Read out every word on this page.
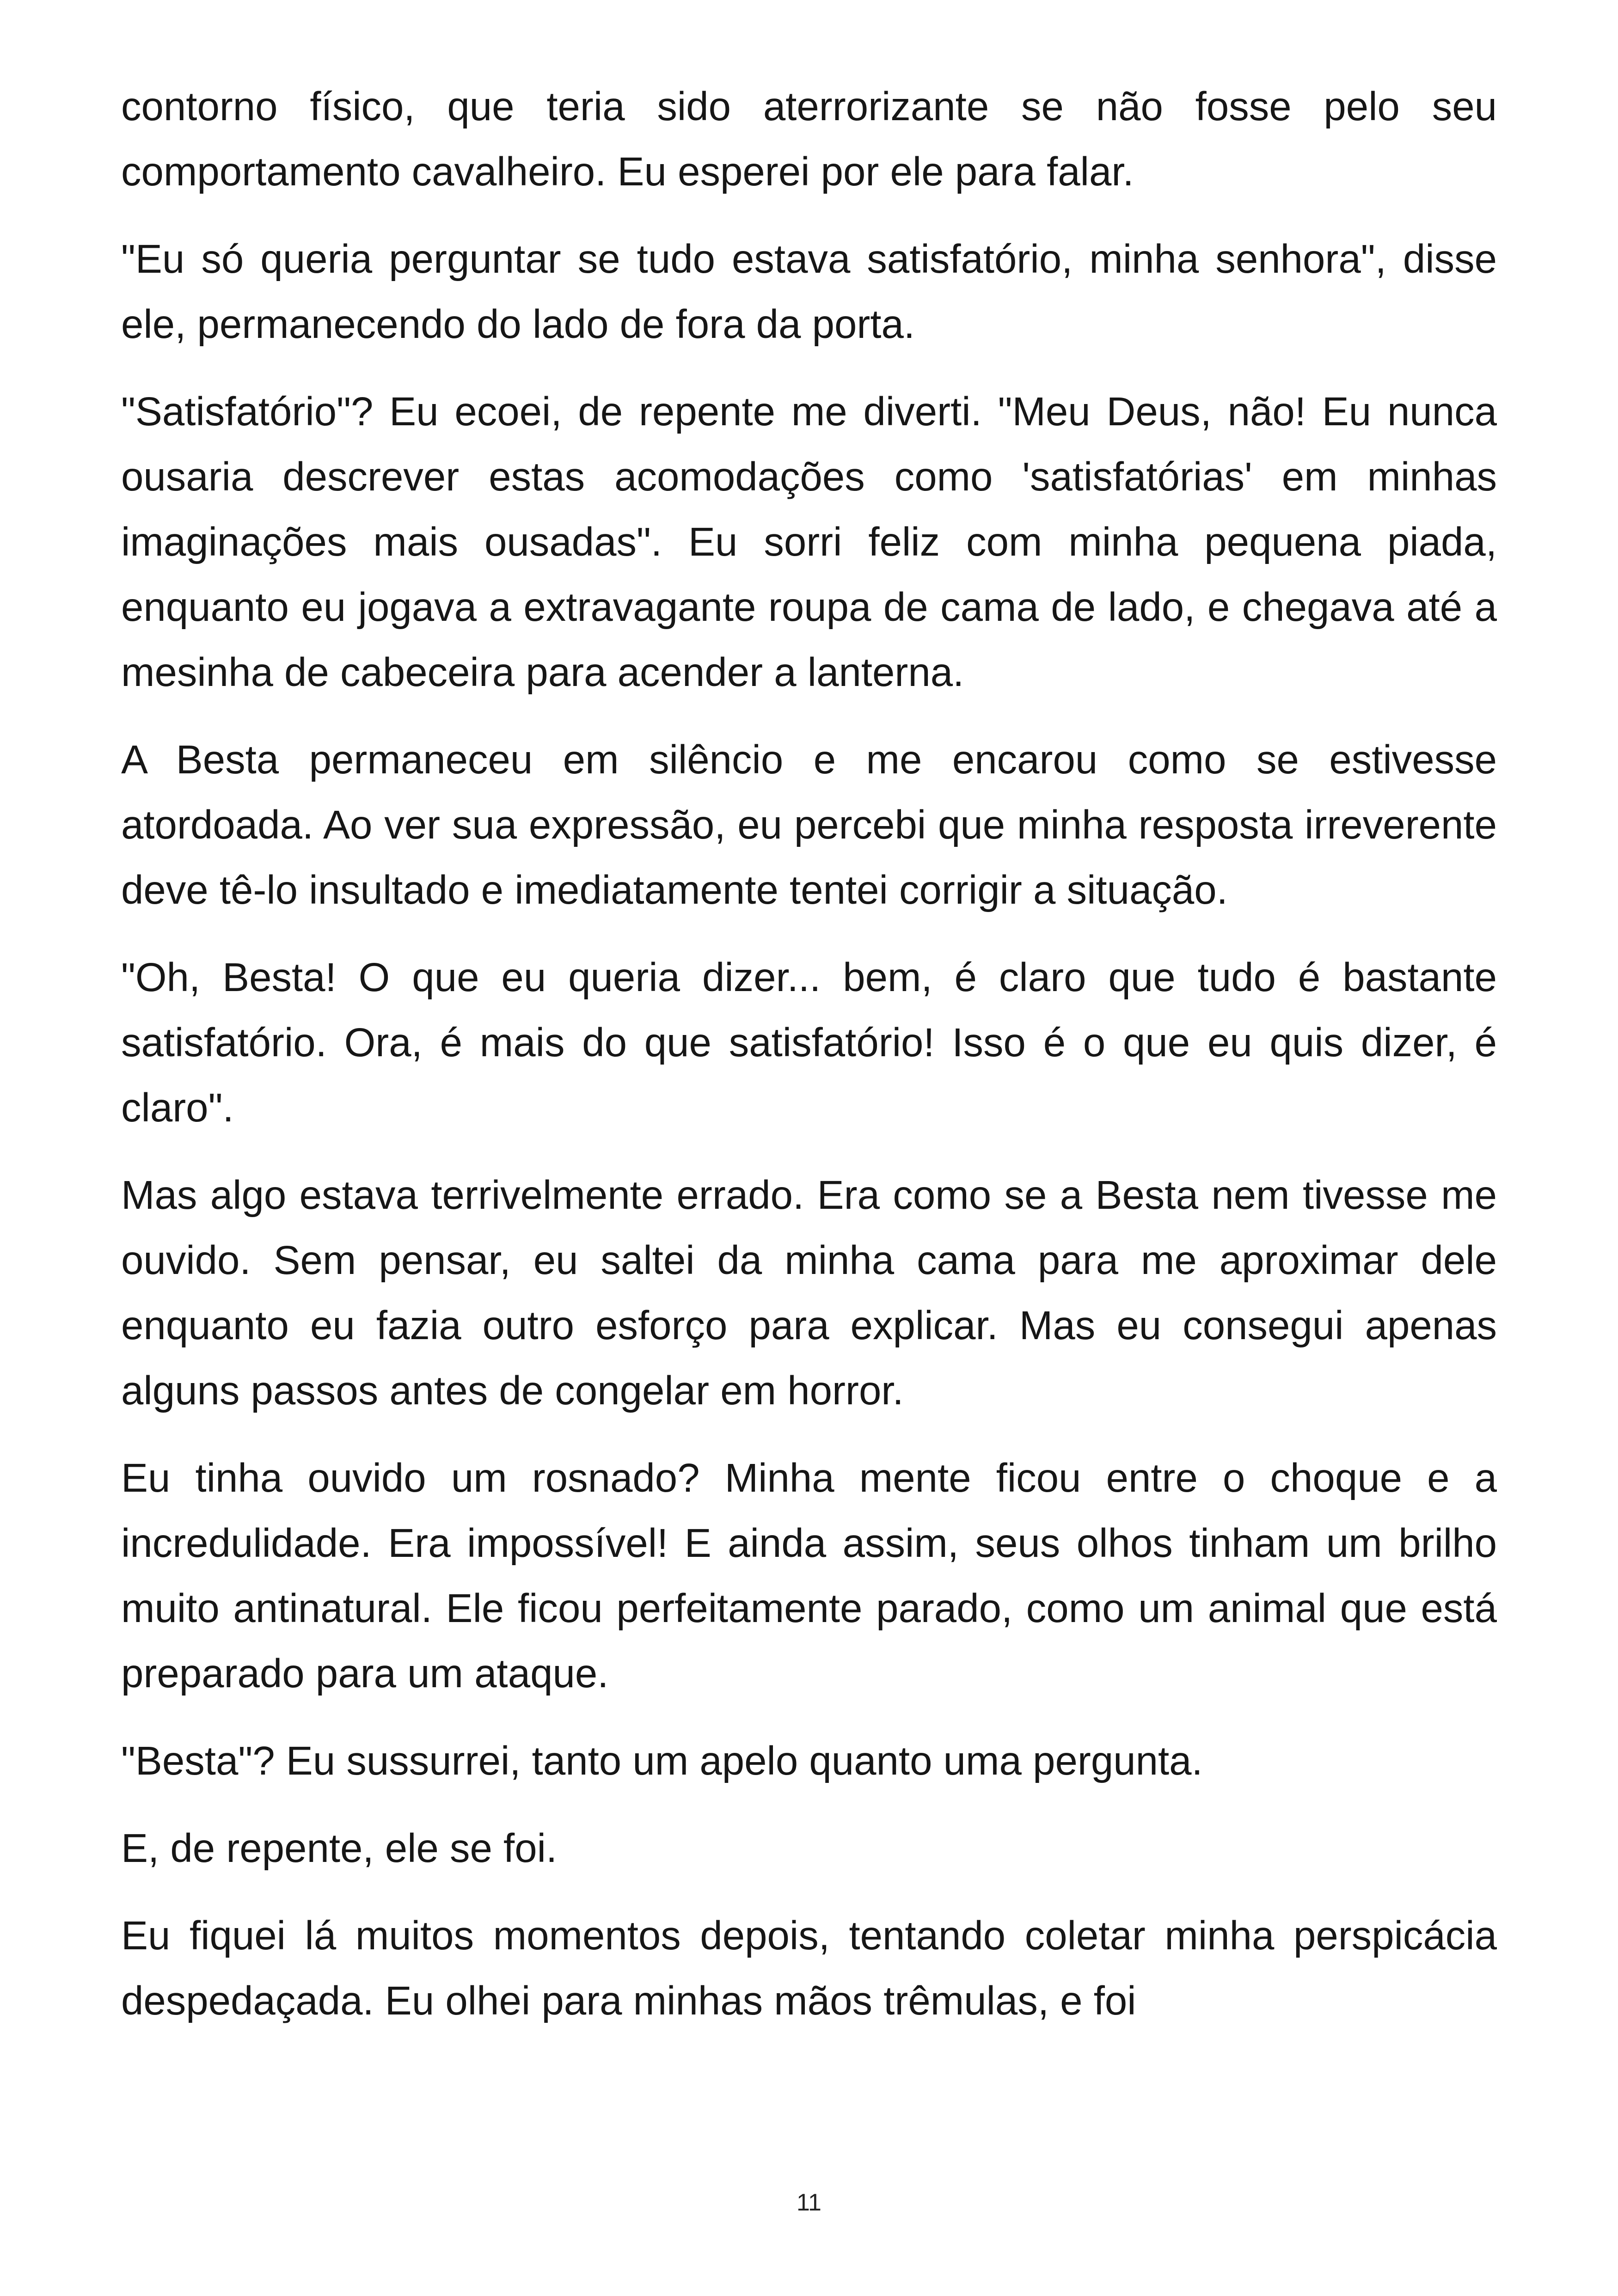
contorno físico, que teria sido aterrorizante se não fosse pelo seu comportamento cavalheiro. Eu esperei por ele para falar.

"Eu só queria perguntar se tudo estava satisfatório, minha senhora", disse ele, permanecendo do lado de fora da porta.

"Satisfatório"? Eu ecoei, de repente me diverti. "Meu Deus, não! Eu nunca ousaria descrever estas acomodações como 'satisfatórias' em minhas imaginações mais ousadas". Eu sorri feliz com minha pequena piada, enquanto eu jogava a extravagante roupa de cama de lado, e chegava até a mesinha de cabeceira para acender a lanterna.

A Besta permaneceu em silêncio e me encarou como se estivesse atordoada. Ao ver sua expressão, eu percebi que minha resposta irreverente deve tê-lo insultado e imediatamente tentei corrigir a situação.

"Oh, Besta! O que eu queria dizer... bem, é claro que tudo é bastante satisfatório. Ora, é mais do que satisfatório! Isso é o que eu quis dizer, é claro".

Mas algo estava terrivelmente errado. Era como se a Besta nem tivesse me ouvido. Sem pensar, eu saltei da minha cama para me aproximar dele enquanto eu fazia outro esforço para explicar. Mas eu consegui apenas alguns passos antes de congelar em horror.

Eu tinha ouvido um rosnado? Minha mente ficou entre o choque e a incredulidade. Era impossível! E ainda assim, seus olhos tinham um brilho muito antinatural. Ele ficou perfeitamente parado, como um animal que está preparado para um ataque.

"Besta"? Eu sussurrei, tanto um apelo quanto uma pergunta.

E, de repente, ele se foi.

Eu fiquei lá muitos momentos depois, tentando coletar minha perspicácia despedaçada. Eu olhei para minhas mãos trêmulas, e foi

11
